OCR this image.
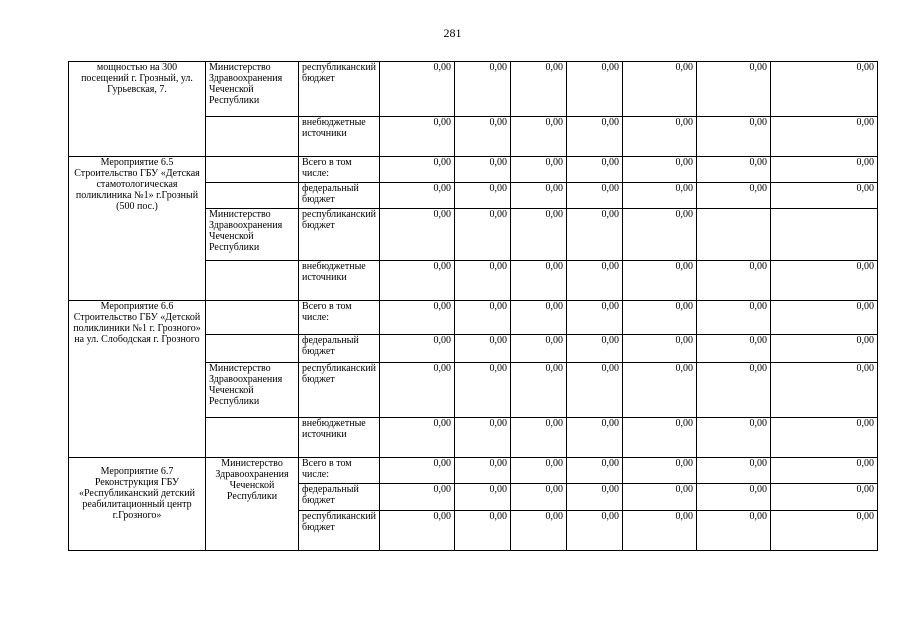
281
мощностью на 300 посещений г. Грозный, ул. Гурьевская, 7.	Министерство Здравоохранения Чеченской Республики	республиканский бюджет	0,00	0,00	0,00	0,00	0,00	0,00	0,00
		внебюджетные источники	0,00	0,00	0,00	0,00	0,00	0,00	0,00
Мероприятие 6.5 Строительство ГБУ «Детская стамотологическая поликлиника №1» г.Грозный (500 пос.)		Всего в том числе:	0,00	0,00	0,00	0,00	0,00	0,00	0,00
		федеральный бюджет	0,00	0,00	0,00	0,00	0,00	0,00	0,00
	Министерство Здравоохранения Чеченской Республики	республиканский бюджет	0,00	0,00	0,00	0,00	0,00		
		внебюджетные источники	0,00	0,00	0,00	0,00	0,00	0,00	0,00
Мероприятие 6.6 Строительство ГБУ «Детской поликлиники №1 г. Грозного» на ул. Слободская г. Грозного		Всего в том числе:	0,00	0,00	0,00	0,00	0,00	0,00	0,00
		федеральный бюджет	0,00	0,00	0,00	0,00	0,00	0,00	0,00
	Министерство Здравоохранения Чеченской Республики	республиканский бюджет	0,00	0,00	0,00	0,00	0,00	0,00	0,00
		внебюджетные источники	0,00	0,00	0,00	0,00	0,00	0,00	0,00
Мероприятие 6.7 Реконструкция ГБУ «Республиканский детский реабилитационный центр г.Грозного»	Министерство Здравоохранения Чеченской Республики	Всего в том числе:	0,00	0,00	0,00	0,00	0,00	0,00	0,00
		федеральный бюджет	0,00	0,00	0,00	0,00	0,00	0,00	0,00
		республиканский бюджет	0,00	0,00	0,00	0,00	0,00	0,00	0,00
